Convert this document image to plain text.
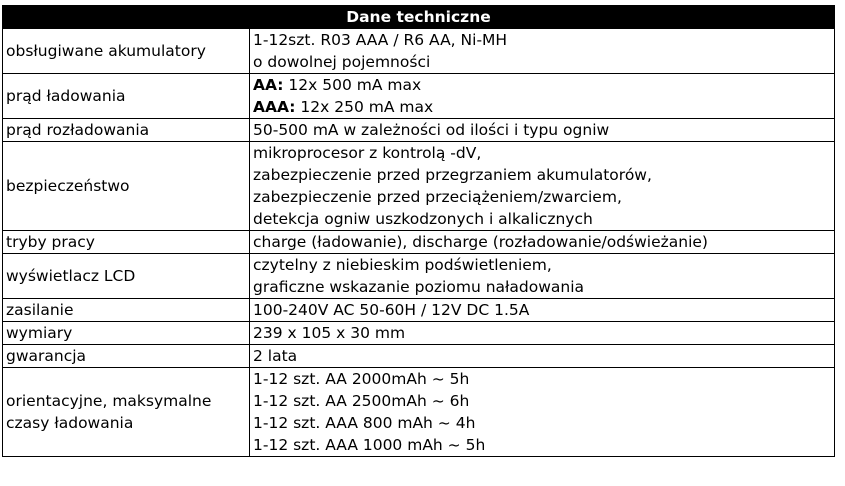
Dane techniczne	

obsługiwane akumulatory	1-12szt. R03 AAA / R6 AA, Ni-MH
o dowolnej pojemności

prąd ładowania	AA: 12x 500 mA max
AAA: 12x 250 mA max

prąd rozładowania	50-500 mA w zależności od ilości i typu ogniw

bezpieczeństwo	mikroprocesor z kontrolą -dV,
zabezpieczenie przed przegrzaniem akumulatorów,
zabezpieczenie przed przeciążeniem/zwarciem,
detekcja ogniw uszkodzonych i alkalicznych

tryby pracy	charge (ładowanie), discharge (rozładowanie/odświeżanie)

wyświetlacz LCD	czytelny z niebieskim podświetleniem,
graficzne wskazanie poziomu naładowania

zasilanie	100-240V AC 50-60H / 12V DC 1.5A

wymiary	239 x 105 x 30 mm

gwarancja	2 lata

orientacyjne, maksymalne
czasy ładowania	1-12 szt. AA 2000mAh ~ 5h
1-12 szt. AA 2500mAh ~ 6h
1-12 szt. AAA 800 mAh ~ 4h
1-12 szt. AAA 1000 mAh ~ 5h
